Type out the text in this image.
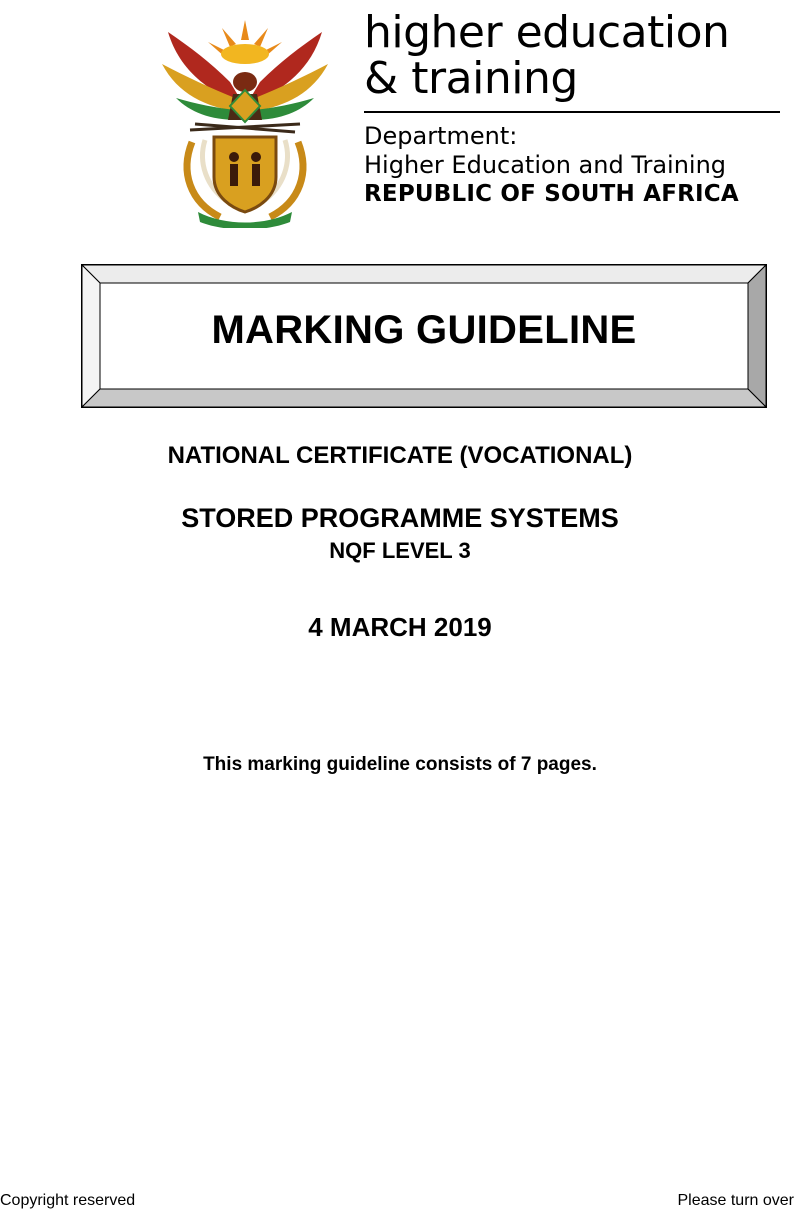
higher education
& training
Department:
Higher Education and Training
REPUBLIC OF SOUTH AFRICA
MARKING GUIDELINE
NATIONAL CERTIFICATE (VOCATIONAL)
STORED PROGRAMME SYSTEMS
NQF LEVEL 3
4 MARCH 2019
This marking guideline consists of 7 pages.
Copyright reserved	Please turn over
